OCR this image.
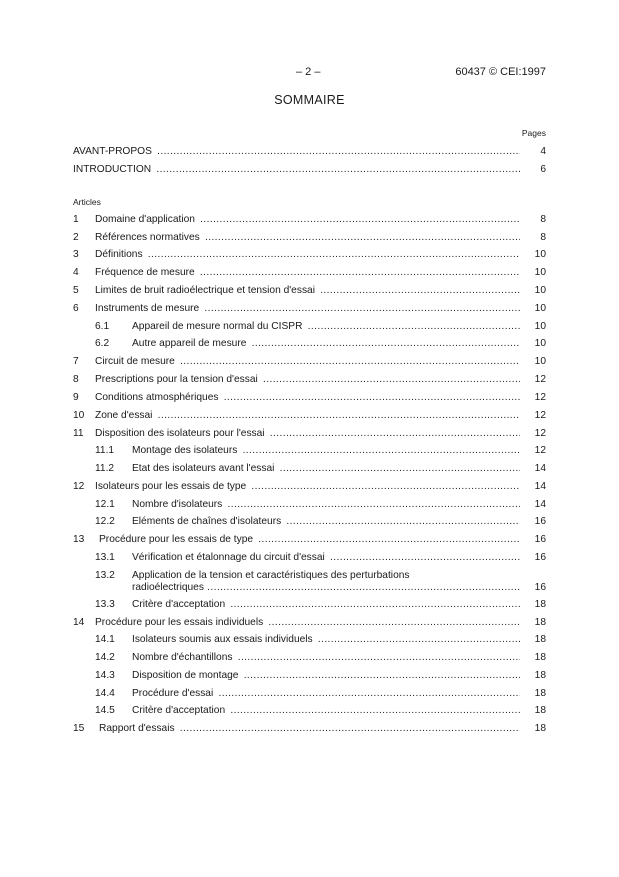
– 2 –	60437 © CEI:1997
SOMMAIRE
Pages
AVANT-PROPOS .....	4
INTRODUCTION .....	6
Articles
1 Domaine d'application .....	8
2 Références normatives .....	8
3 Définitions .....	10
4 Fréquence de mesure .....	10
5 Limites de bruit radioélectrique et tension d'essai .....	10
6 Instruments de mesure .....	10
6.1 Appareil de mesure normal du CISPR .....	10
6.2 Autre appareil de mesure .....	10
7 Circuit de mesure .....	10
8 Prescriptions pour la tension d'essai .....	12
9 Conditions atmosphériques .....	12
10 Zone d'essai .....	12
11 Disposition des isolateurs pour l'essai .....	12
11.1 Montage des isolateurs .....	12
11.2 Etat des isolateurs avant l'essai .....	14
12 Isolateurs pour les essais de type .....	14
12.1 Nombre d'isolateurs .....	14
12.2 Eléments de chaînes d'isolateurs .....	16
13 Procédure pour les essais de type .....	16
13.1 Vérification et étalonnage du circuit d'essai .....	16
13.2 Application de la tension et caractéristiques des perturbations
radioélectriques .....	16
13.3 Critère d'acceptation .....	18
14 Procédure pour les essais individuels .....	18
14.1 Isolateurs soumis aux essais individuels .....	18
14.2 Nombre d'échantillons .....	18
14.3 Disposition de montage .....	18
14.4 Procédure d'essai .....	18
14.5 Critère d'acceptation .....	18
15 Rapport d'essais .....	18
